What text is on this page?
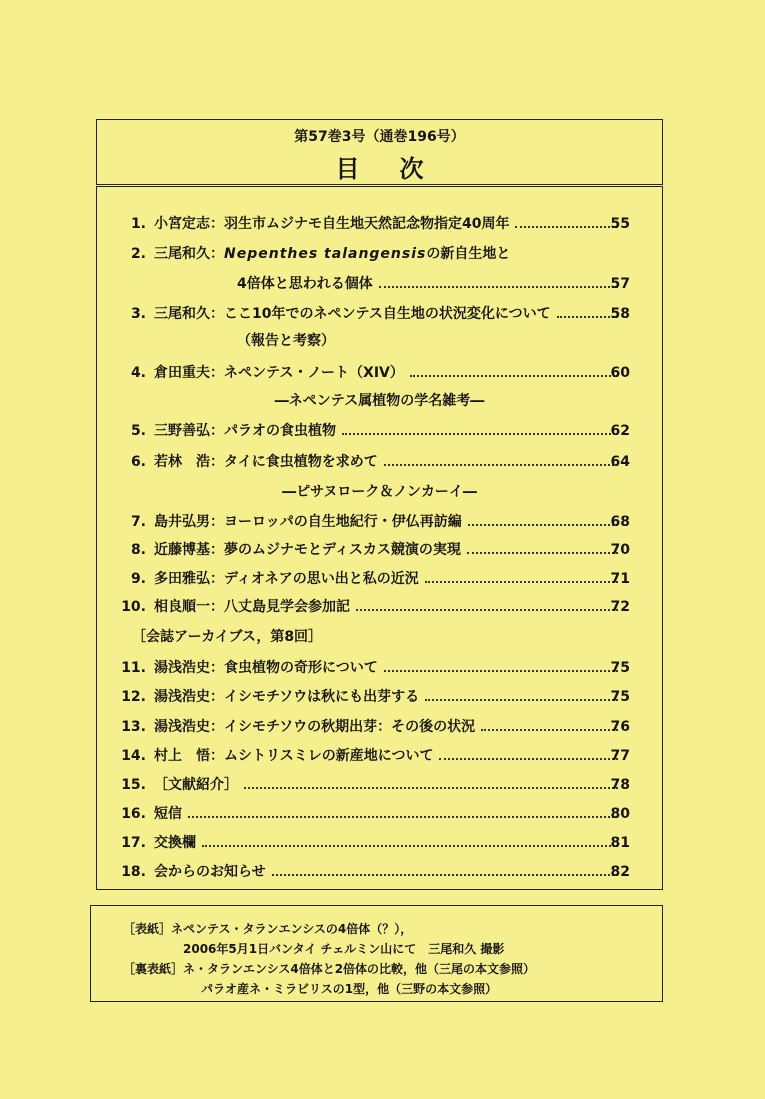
第57巻3号（通巻196号）
目次
1. 小宮定志：羽生市ムジナモ自生地天然記念物指定40周年	55
2. 三尾和久： Nepenthes talangensis の新自生地と
4倍体と思われる個体	57
3. 三尾和久：ここ10年でのネペンテス自生地の状況変化について	58
（報告と考察）
4. 倉田重夫：ネペンテス・ノート（XIV）	60
―ネペンテス属植物の学名雑考―
5. 三野善弘：パラオの食虫植物	62
6. 若林　浩：タイに食虫植物を求めて	64
―ピサヌローク＆ノンカーイ―
7. 島井弘男：ヨーロッパの自生地紀行・伊仏再訪編	68
8. 近藤博基：夢のムジナモとディスカス競演の実現	70
9. 多田雅弘：ディオネアの思い出と私の近況	71
10. 相良順一：八丈島見学会参加記	72
［会誌アーカイブス，第8回］
11. 湯浅浩史：食虫植物の奇形について	75
12. 湯浅浩史：イシモチソウは秋にも出芽する	75
13. 湯浅浩史：イシモチソウの秋期出芽：その後の状況	76
14. 村上　悟：ムシトリスミレの新産地について	77
15. ［文献紹介］	78
16. 短信	80
17. 交換欄	81
18. 会からのお知らせ	82
［表紙］ ネペンテス・タランエンシスの4倍体（？），
2006年5月1日バンタイ チェルミン山にて　三尾和久 撮影
［裏表紙］ ネ・タランエンシス4倍体と2倍体の比較，他（三尾の本文参照）
パラオ産ネ・ミラビリスの1型，他（三野の本文参照）
